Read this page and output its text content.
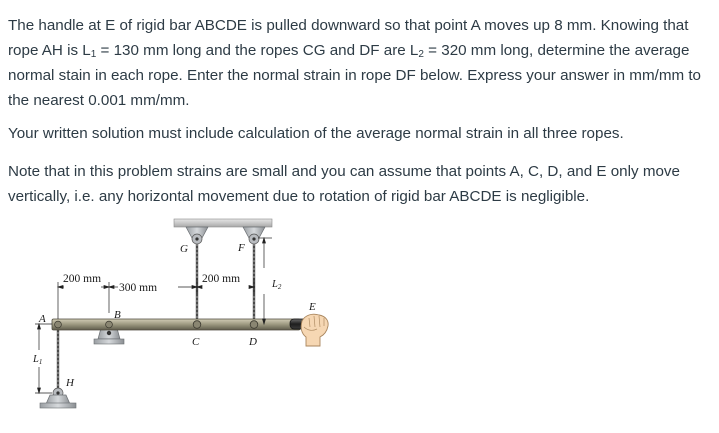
The handle at E of rigid bar ABCDE is pulled downward so that point A moves up 8 mm. Knowing that rope AH is $L_1 = 130$ mm long and the ropes CG and DF are $L_2 = 320$ mm long, determine the average normal stain in each rope. Enter the normal strain in rope DF below. Express your answer in mm/mm to the nearest 0.001 mm/mm.

Your written solution must include calculation of the average normal strain in all three ropes.

Note that in this problem strains are small and you can assume that points A, C, D, and E only move vertically, i.e. any horizontal movement due to rotation of rigid bar ABCDE is negligible.

200 mm
300 mm
200 mm
A	B
C	D
E
F
G
H
L2
L1
